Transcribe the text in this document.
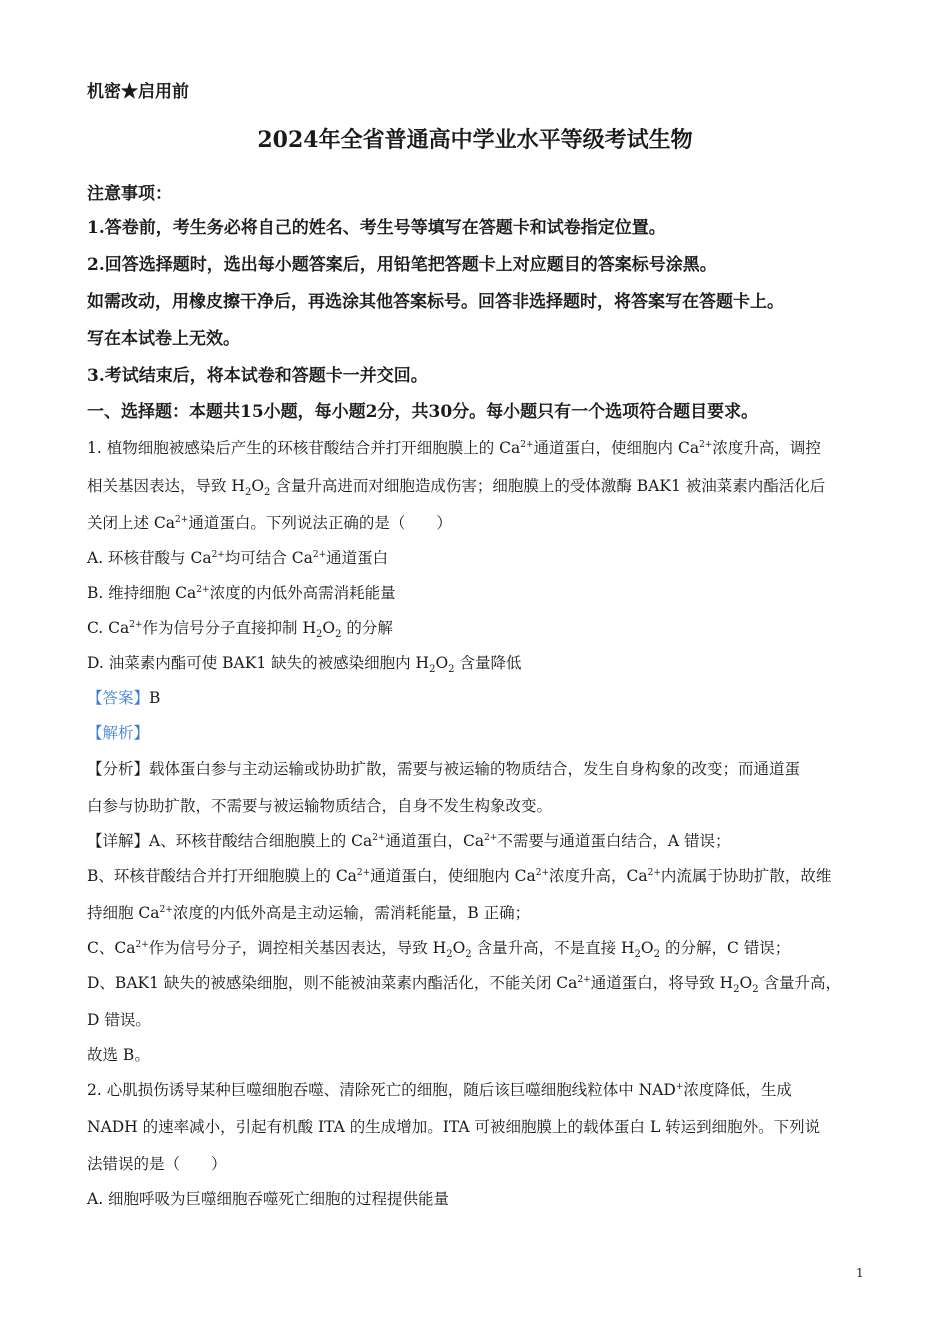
机密★启用前
2024年全省普通高中学业水平等级考试生物
注意事项：
1.答卷前，考生务必将自己的姓名、考生号等填写在答题卡和试卷指定位置。
2.回答选择题时，选出每小题答案后，用铅笔把答题卡上对应题目的答案标号涂黑。
如需改动，用橡皮擦干净后，再选涂其他答案标号。回答非选择题时，将答案写在答题卡上。
写在本试卷上无效。
3.考试结束后，将本试卷和答题卡一并交回。
一、选择题：本题共15小题，每小题2分，共30分。每小题只有一个选项符合题目要求。
1. 植物细胞被感染后产生的环核苷酸结合并打开细胞膜上的 $Ca^{2+}$通道蛋白，使细胞内 $Ca^{2+}$浓度升高，调控
相关基因表达，导致 $H_2O_2$ 含量升高进而对细胞造成伤害；细胞膜上的受体激酶 BAK1 被油菜素内酯活化后
关闭上述 $Ca^{2+}$通道蛋白。下列说法正确的是（　　）
A. 环核苷酸与 $Ca^{2+}$均可结合 $Ca^{2+}$通道蛋白
B. 维持细胞 $Ca^{2+}$浓度的内低外高需消耗能量
C. $Ca^{2+}$作为信号分子直接抑制 $H_2O_2$ 的分解
D. 油菜素内酯可使 BAK1 缺失的被感染细胞内 $H_2O_2$ 含量降低
【答案】B
【解析】
【分析】载体蛋白参与主动运输或协助扩散，需要与被运输的物质结合，发生自身构象的改变；而通道蛋
白参与协助扩散，不需要与被运输物质结合，自身不发生构象改变。
【详解】A、环核苷酸结合细胞膜上的 $Ca^{2+}$通道蛋白，$Ca^{2+}$不需要与通道蛋白结合，A 错误；
B、环核苷酸结合并打开细胞膜上的 $Ca^{2+}$通道蛋白，使细胞内 $Ca^{2+}$浓度升高，$Ca^{2+}$内流属于协助扩散，故维
持细胞 $Ca^{2+}$浓度的内低外高是主动运输，需消耗能量，B 正确；
C、$Ca^{2+}$作为信号分子，调控相关基因表达，导致 $H_2O_2$ 含量升高，不是直接 $H_2O_2$ 的分解，C 错误；
D、BAK1 缺失的被感染细胞，则不能被油菜素内酯活化，不能关闭 $Ca^{2+}$通道蛋白，将导致 $H_2O_2$ 含量升高，
D 错误。
故选 B。
2. 心肌损伤诱导某种巨噬细胞吞噬、清除死亡的细胞，随后该巨噬细胞线粒体中 NAD+浓度降低，生成
NADH 的速率减小，引起有机酸 ITA 的生成增加。ITA 可被细胞膜上的载体蛋白 L 转运到细胞外。下列说
法错误的是（　　）
A. 细胞呼吸为巨噬细胞吞噬死亡细胞的过程提供能量
1
